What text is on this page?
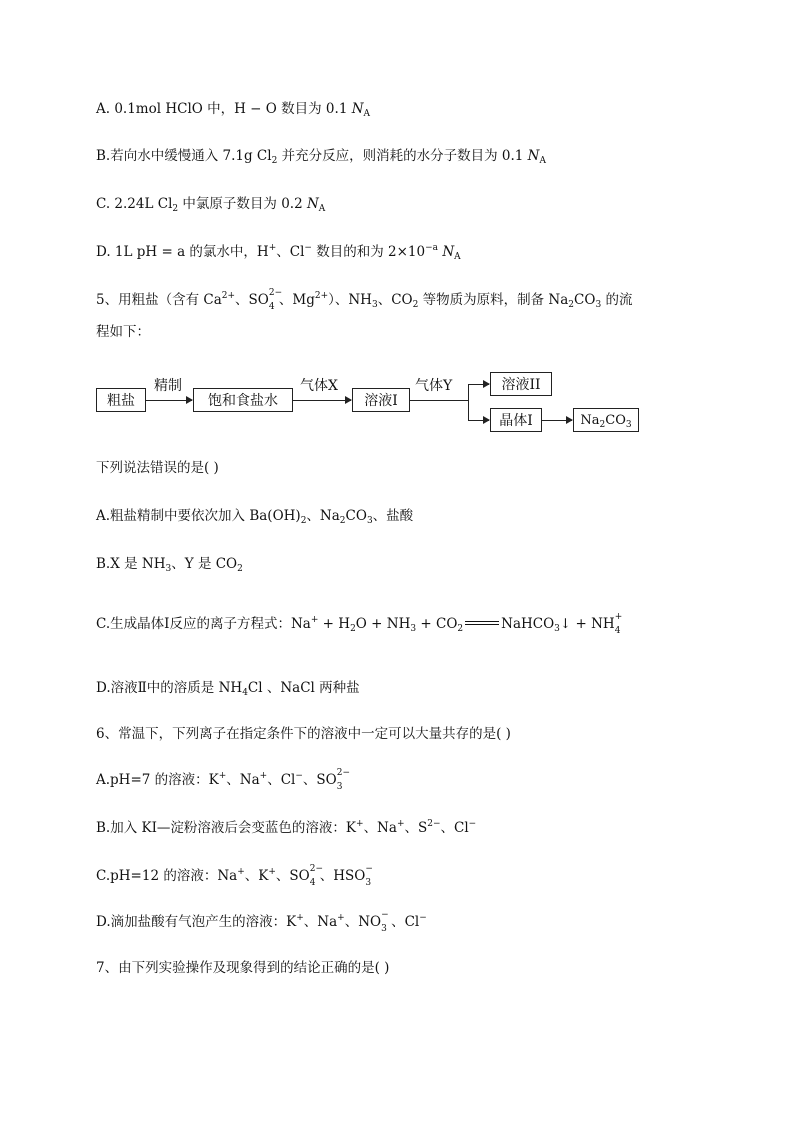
A. 0.1mol HClO 中，H − O 数目为 0.1 $N_A$
B.若向水中缓慢通入 7.1g $Cl_2$ 并充分反应，则消耗的水分子数目为 0.1 $N_A$
C. 2.24L $Cl_2$ 中氯原子数目为 0.2 $N_A$
D. 1L pH = a 的氯水中，H+、Cl− 数目的和为 $2\times 10^{-a}$ $N_A$
5、用粗盐（含有 $Ca^{2+}$、SO 2−
4 、$Mg^{2+}$）、$NH_3$、$CO_2$ 等物质为原料，制备 $Na_2CO_3$ 的流
程如下：
粗盐
精制
饱和食盐水
气体X
溶液I
气体Y	溶液II
晶体I	$Na_2CO_3$
下列说法错误的是( )
A.粗盐精制中要依次加入 $Ba(OH)_2$、$Na_2CO_3$、盐酸
B.X 是 $NH_3$、Y 是 $CO_2$
C.生成晶体Ⅰ反应的离子方程式：$Na^+ + H_2O + NH_3 + CO_2$	NaHCO$_3$↓ + NH +
4
D.溶液Ⅱ中的溶质是 $NH_4Cl$ 、NaCl 两种盐
6、常温下，下列离子在指定条件下的溶液中一定可以大量共存的是( )
A.pH=7 的溶液：K+、Na+、Cl−、SO 2−
3
B.加入 KI—淀粉溶液后会变蓝色的溶液：K+、Na+、$S^{2-}$、Cl−
C.pH=12 的溶液：Na+、K+、SO 2−
4 、HSO −
3
D.滴加盐酸有气泡产生的溶液：K+、Na+、NO −
3 、Cl−
7、由下列实验操作及现象得到的结论正确的是( )
